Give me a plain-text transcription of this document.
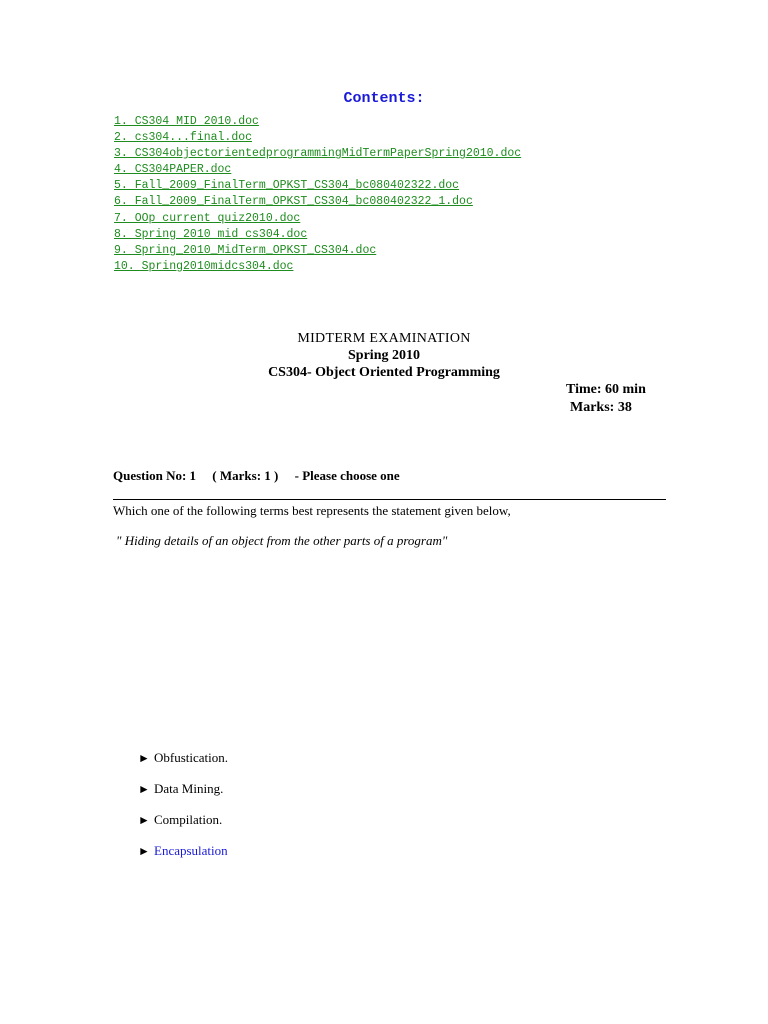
Contents:
1. CS304 MID 2010.doc
2. cs304...final.doc
3. CS304objectorientedprogrammingMidTermPaperSpring2010.doc
4. CS304PAPER.doc
5. Fall_2009_FinalTerm_OPKST_CS304_bc080402322.doc
6. Fall_2009_FinalTerm_OPKST_CS304_bc080402322_1.doc
7. OOp current quiz2010.doc
8. Spring 2010 mid cs304.doc
9. Spring_2010_MidTerm_OPKST_CS304.doc
10. Spring2010midcs304.doc
MIDTERM EXAMINATION
Spring 2010
CS304- Object Oriented Programming
Time: 60 min
Marks: 38
Question No: 1     ( Marks: 1 )     - Please choose one
Which one of the following terms best represents the statement given below,
" Hiding details of an object from the other parts of a program"
► Obfustication.
► Data Mining.
► Compilation.
► Encapsulation
